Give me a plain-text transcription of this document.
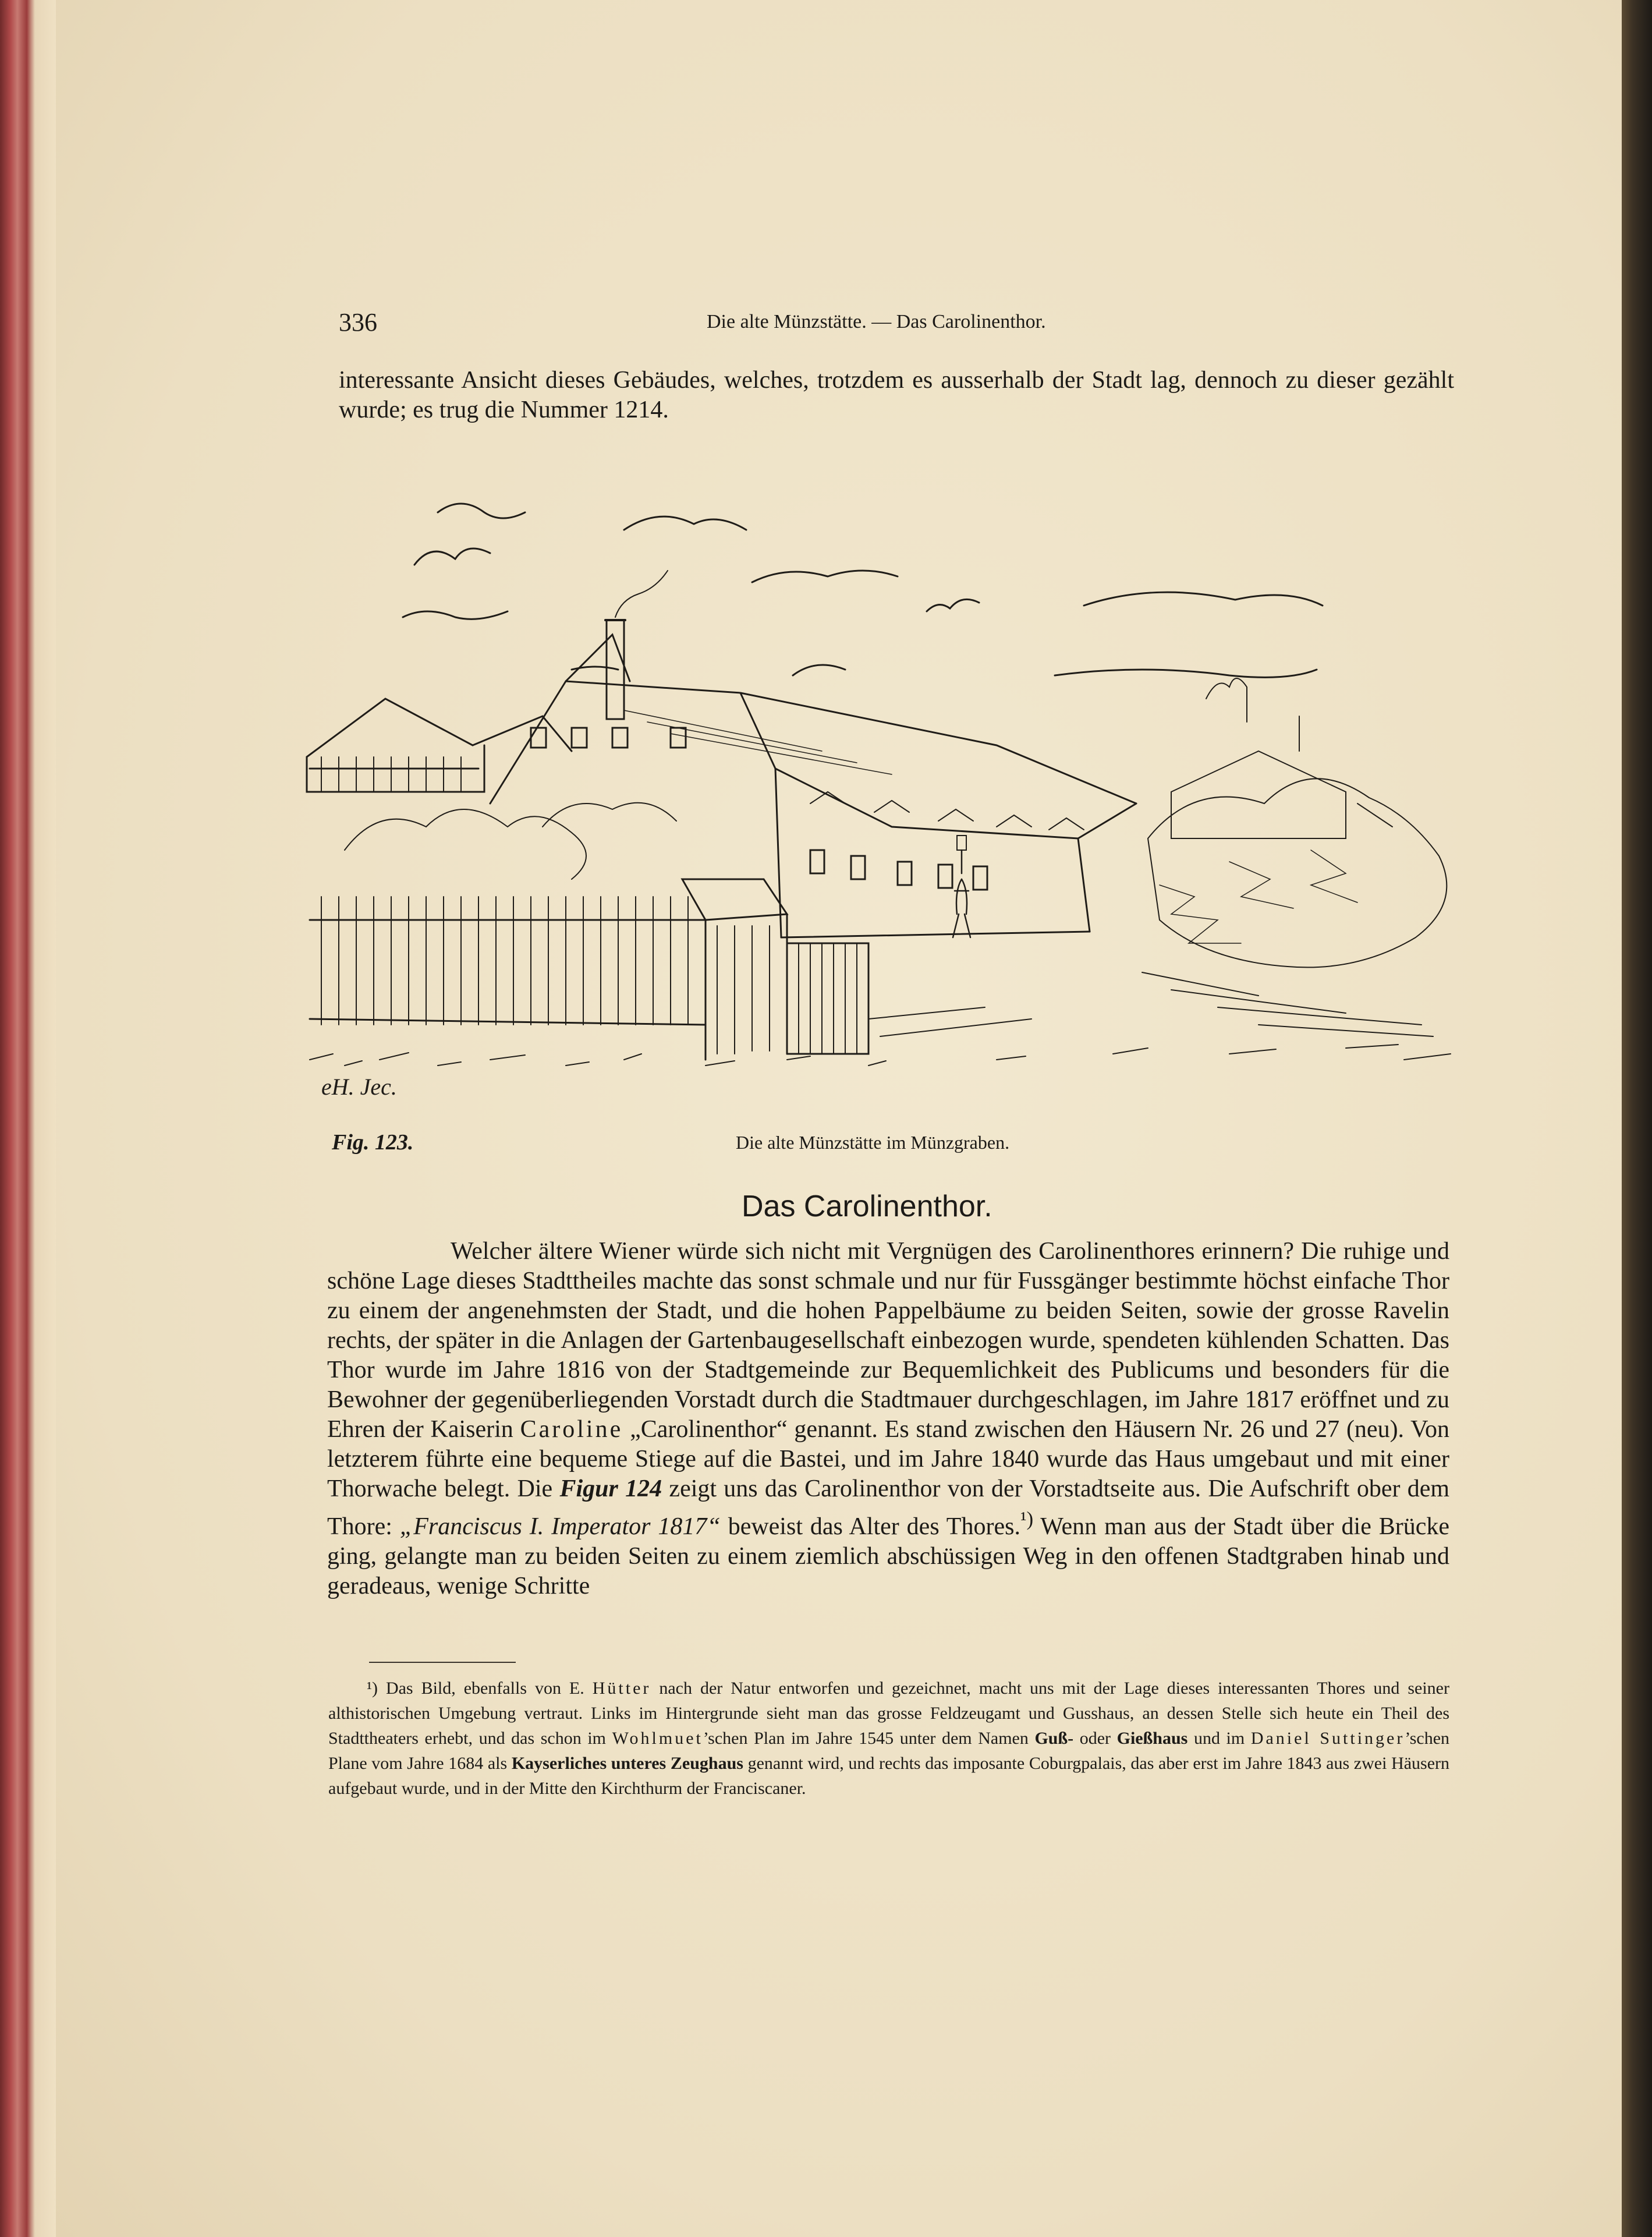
336	Die alte Münzstätte. — Das Carolinenthor.

interessante Ansicht dieses Gebäudes, welches, trotzdem es ausserhalb der Stadt lag, dennoch zu dieser gezählt wurde; es trug die Nummer 1214.

eH. Jec.
Fig. 123.	Die alte Münzstätte im Münzgraben.
Das Carolinenthor.

Welcher ältere Wiener würde sich nicht mit Vergnügen des Carolinenthores erinnern? Die ruhige und schöne Lage dieses Stadttheiles machte das sonst schmale und nur für Fussgänger bestimmte höchst einfache Thor zu einem der angenehmsten der Stadt, und die hohen Pappelbäume zu beiden Seiten, sowie der grosse Ravelin rechts, der später in die Anlagen der Gartenbaugesellschaft einbezogen wurde, spendeten kühlenden Schatten. Das Thor wurde im Jahre 1816 von der Stadtgemeinde zur Bequemlichkeit des Publicums und besonders für die Bewohner der gegenüberliegenden Vorstadt durch die Stadtmauer durchgeschlagen, im Jahre 1817 eröffnet und zu Ehren der Kaiserin Caroline „Carolinenthor“ genannt. Es stand zwischen den Häusern Nr. 26 und 27 (neu). Von letzterem führte eine bequeme Stiege auf die Bastei, und im Jahre 1840 wurde das Haus umgebaut und mit einer Thorwache belegt. Die Figur 124 zeigt uns das Carolinenthor von der Vorstadtseite aus. Die Aufschrift ober dem Thore: „Franciscus I. Imperator 1817“ beweist das Alter des Thores.$^{^1)}$ Wenn man aus der Stadt über die Brücke ging, gelangte man zu beiden Seiten zu einem ziemlich abschüssigen Weg in den offenen Stadtgraben hinab und geradeaus, wenige Schritte

¹) Das Bild, ebenfalls von E. Hütter nach der Natur entworfen und gezeichnet, macht uns mit der Lage dieses interessanten Thores und seiner althistorischen Umgebung vertraut. Links im Hintergrunde sieht man das grosse Feldzeugamt und Gusshaus, an dessen Stelle sich heute ein Theil des Stadttheaters erhebt, und das schon im Wohlmuet’schen Plan im Jahre 1545 unter dem Namen Guß- oder Gießhaus und im Daniel Suttinger’schen Plane vom Jahre 1684 als Kayserliches unteres Zeughaus genannt wird, und rechts das imposante Coburgpalais, das aber erst im Jahre 1843 aus zwei Häusern aufgebaut wurde, und in der Mitte den Kirchthurm der Franciscaner.
